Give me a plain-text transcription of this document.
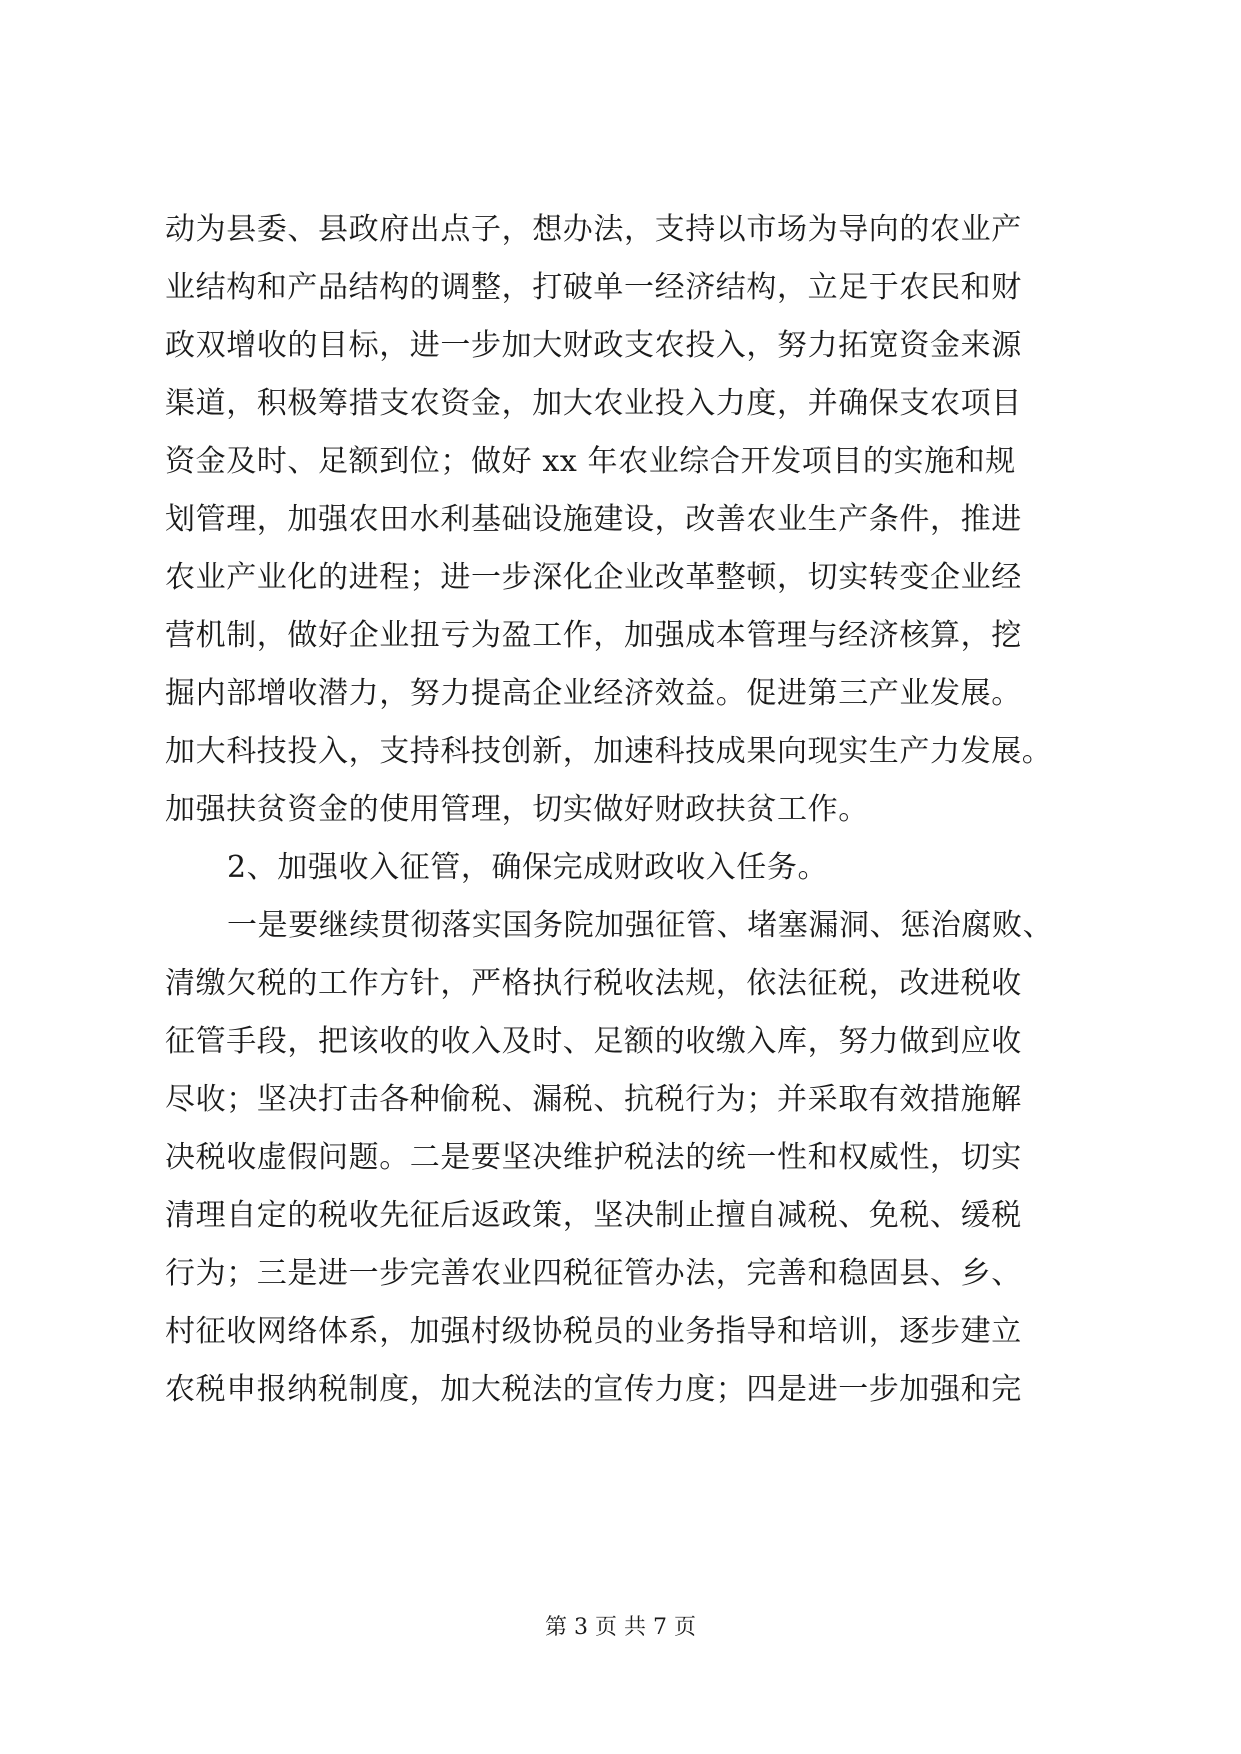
动为县委、县政府出点子，想办法，支持以市场为导向的农业产
业结构和产品结构的调整，打破单一经济结构，立足于农民和财
政双增收的目标，进一步加大财政支农投入，努力拓宽资金来源
渠道，积极筹措支农资金，加大农业投入力度，并确保支农项目
资金及时、足额到位；做好 xx 年农业综合开发项目的实施和规
划管理，加强农田水利基础设施建设，改善农业生产条件，推进
农业产业化的进程；进一步深化企业改革整顿，切实转变企业经
营机制，做好企业扭亏为盈工作，加强成本管理与经济核算，挖
掘内部增收潜力，努力提高企业经济效益。促进第三产业发展。
加大科技投入，支持科技创新，加速科技成果向现实生产力发展。
加强扶贫资金的使用管理，切实做好财政扶贫工作。
2、加强收入征管，确保完成财政收入任务。
一是要继续贯彻落实国务院加强征管、堵塞漏洞、惩治腐败、
清缴欠税的工作方针，严格执行税收法规，依法征税，改进税收
征管手段，把该收的收入及时、足额的收缴入库，努力做到应收
尽收；坚决打击各种偷税、漏税、抗税行为；并采取有效措施解
决税收虚假问题。二是要坚决维护税法的统一性和权威性，切实
清理自定的税收先征后返政策，坚决制止擅自减税、免税、缓税
行为；三是进一步完善农业四税征管办法，完善和稳固县、乡、
村征收网络体系，加强村级协税员的业务指导和培训，逐步建立
农税申报纳税制度，加大税法的宣传力度；四是进一步加强和完
第 3 页 共 7 页
